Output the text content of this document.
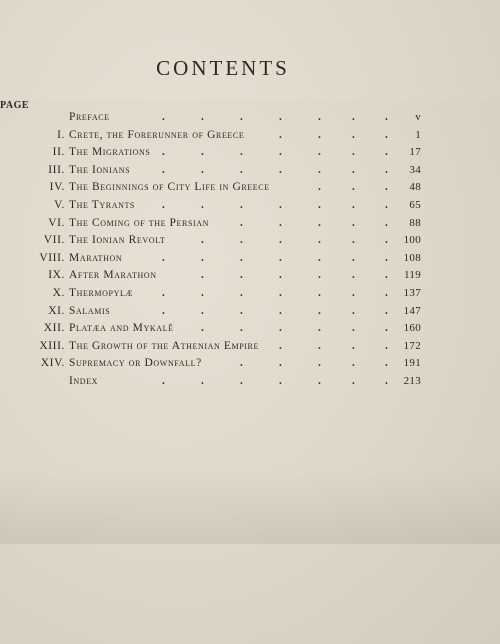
CONTENTS
PAGE
Preface	v
.	.	.	.	.	.	.
I. Crete, the Forerunner of Greece	1
.	.	.	.
II. The Migrations	17
.	.	.	.	.	.	.
III. The Ionians	34
.	.	.	.	.	.	.
IV. The Beginnings of City Life in Greece	48
.	.	.
V. The Tyrants	65
.	.	.	.	.	.	.
VI. The Coming of the Persian	88
.	.	.	.	.
VII. The Ionian Revolt	100
.	.	.	.	.	.
VIII. Marathon	108
.	.	.	.	.	.	.
IX. After Marathon	119
.	.	.	.	.	.
X. Thermopylæ	137
.	.	.	.	.	.	.
XI. Salamis	147
.	.	.	.	.	.	.
XII. Platæa and Mykalê	160
.	.	.	.	.	.
XIII. The Growth of the Athenian Empire	172
.	.	.	.
XIV. Supremacy or Downfall?	191
.	.	.	.	.
Index	213
.	.	.	.	.	.	.
